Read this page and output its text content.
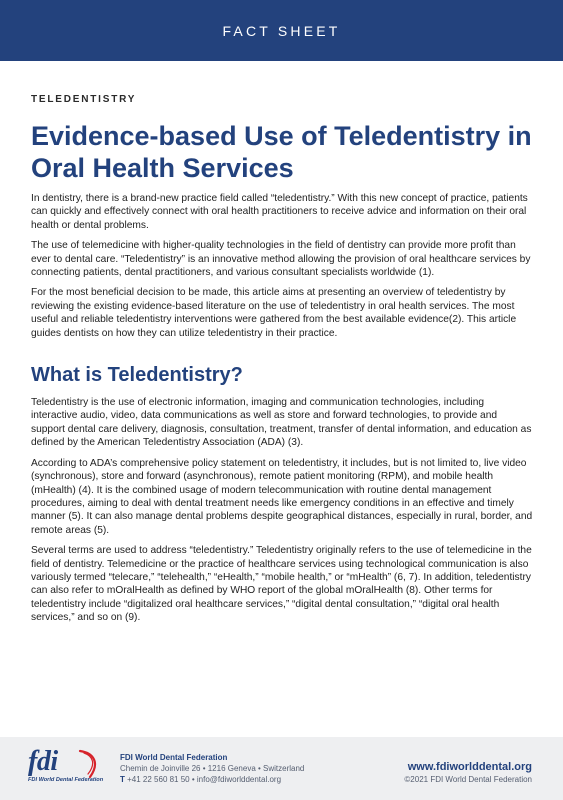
FACT SHEET
TELEDENTISTRY
Evidence-based Use of Teledentistry in Oral Health Services

In dentistry, there is a brand-new practice field called “teledentistry.” With this new concept of practice, patients can quickly and effectively connect with oral health practitioners to receive advice and information on their oral health or dental problems.

The use of telemedicine with higher-quality technologies in the field of dentistry can provide more profit than ever to dental care. “Teledentistry” is an innovative method allowing the provision of oral healthcare services by connecting patients, dental practitioners, and various consultant specialists worldwide (1).

For the most beneficial decision to be made, this article aims at presenting an overview of teledentistry by reviewing the existing evidence-based literature on the use of teledentistry in oral health services. The most useful and reliable teledentistry interventions were gathered from the best available evidence(2). This article guides dentists on how they can utilize teledentistry in their practice.

What is Teledentistry?

Teledentistry is the use of electronic information, imaging and communication technologies, including interactive audio, video, data communications as well as store and forward technologies, to provide and support dental care delivery, diagnosis, consultation, treatment, transfer of dental information, and education as defined by the American Teledentistry Association (ADA) (3).

According to ADA’s comprehensive policy statement on teledentistry, it includes, but is not limited to, live video (synchronous), store and forward (asynchronous), remote patient monitoring (RPM), and mobile health (mHealth) (4). It is the combined usage of modern telecommunication with routine dental management procedures, aiming to deal with dental treatment needs like emergency conditions in an effective and timely manner (5). It can also manage dental problems despite geographical distances, especially in rural, border, and remote areas (5).

Several terms are used to address “teledentistry.” Teledentistry originally refers to the use of telemedicine in the field of dentistry. Telemedicine or the practice of healthcare services using technological communication is also variously termed “telecare,” “telehealth,” “eHealth,” “mobile health,” or “mHealth” (6, 7). In addition, teledentistry can also refer to mOralHealth as defined by WHO report of the global mOralHealth (8). Other terms for teledentistry include “digitalized oral healthcare services,” “digital dental consultation,” “digital oral health services,” and so on (9).

fdi
FDI World Dental Federation
FDI World Dental Federation
Chemin de Joinville 26 • 1216 Geneva • Switzerland
T +41 22 560 81 50 • info@fdiworlddental.org
www.fdiworlddental.org
©2021 FDI World Dental Federation
